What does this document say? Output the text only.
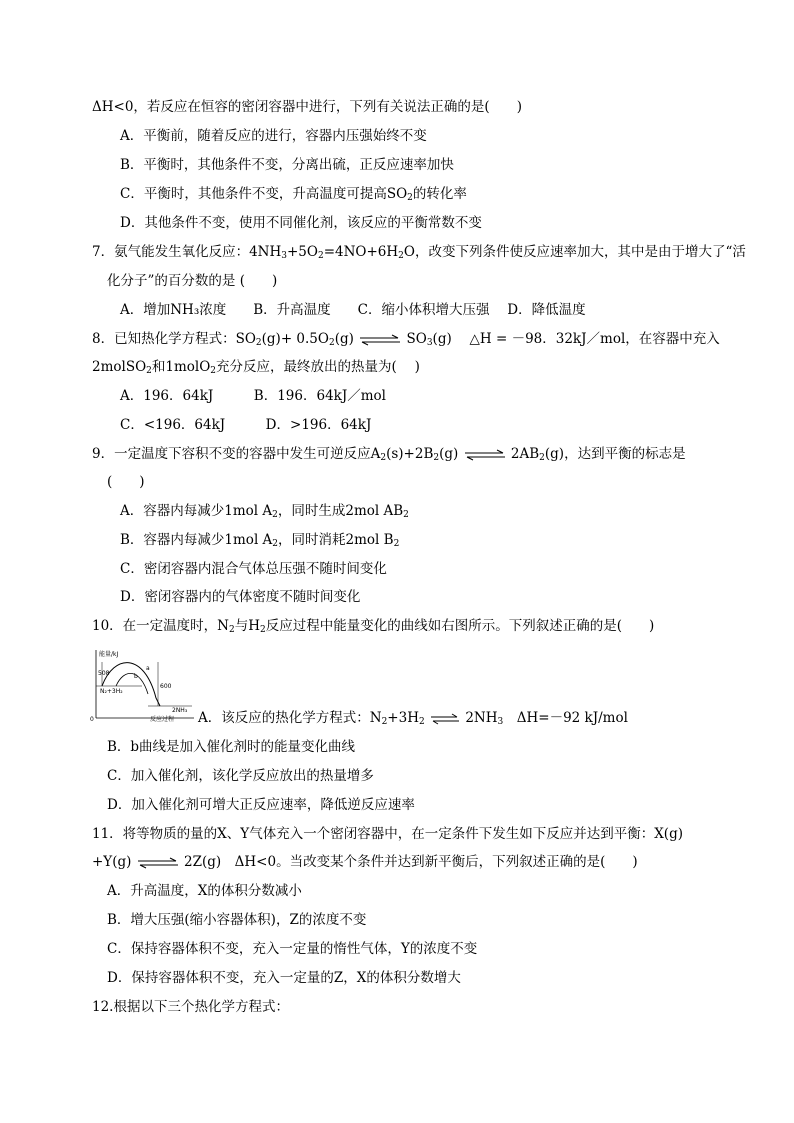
ΔH<0，若反应在恒容的密闭容器中进行，下列有关说法正确的是(　　)
A．平衡前，随着反应的进行，容器内压强始终不变
B．平衡时，其他条件不变，分离出硫，正反应速率加快
C．平衡时，其他条件不变，升高温度可提高$SO_2$的转化率
D．其他条件不变，使用不同催化剂，该反应的平衡常数不变
7．氨气能发生氧化反应：$4NH_3+5O_2=4NO+6H_2O$，改变下列条件使反应速率加大，其中是由于增大了“活
化分子”的百分数的是 (　　)
A．增加NH₃浓度　　B．升高温度　　C．缩小体积增大压强　 D．降低温度
8．已知热化学方程式：$SO_2(g)+ 0.5O_2(g)$ ⇌ $SO_3(g)$　 △H = －98．32kJ／mol，在容器中充入
2molSO$_2$和1molO$_2$充分反应，最终放出的热量为(　 )
A．196．64kJ　　　B．196．64kJ／mol
C．<196．64kJ　　　D．>196．64kJ
9．一定温度下容积不变的容器中发生可逆反应$A_2(s)+2B_2(g)$ ⇌ $2AB_2(g)$，达到平衡的标志是
(　　)
A．容器内每减少1mol $A_2$，同时生成2mol $AB_2$
B．容器内每减少1mol $A_2$，同时消耗2mol $B_2$
C．密闭容器内混合气体总压强不随时间变化
D．密闭容器内的气体密度不随时间变化
10．在一定温度时，$N_2$与$H_2$反应过程中能量变化的曲线如右图所示。下列叙述正确的是(　　)
能量/kJ
0	反应过程
508
600
a
b
N₂+3H₂
2NH₃ A．该反应的热化学方程式：$N_2+3H_2$ ⇌ $2NH_3$　ΔH=－92 kJ/mol
B．b曲线是加入催化剂时的能量变化曲线
C．加入催化剂，该化学反应放出的热量增多
D．加入催化剂可增大正反应速率，降低逆反应速率
11．将等物质的量的X、Y气体充入一个密闭容器中，在一定条件下发生如下反应并达到平衡：X(g)
+Y(g) ⇌ 2Z(g)　ΔH<0。当改变某个条件并达到新平衡后，下列叙述正确的是(　　)
A．升高温度，X的体积分数减小
B．增大压强(缩小容器体积)，Z的浓度不变
C．保持容器体积不变，充入一定量的惰性气体，Y的浓度不变
D．保持容器体积不变，充入一定量的Z，X的体积分数增大
12.根据以下三个热化学方程式：
